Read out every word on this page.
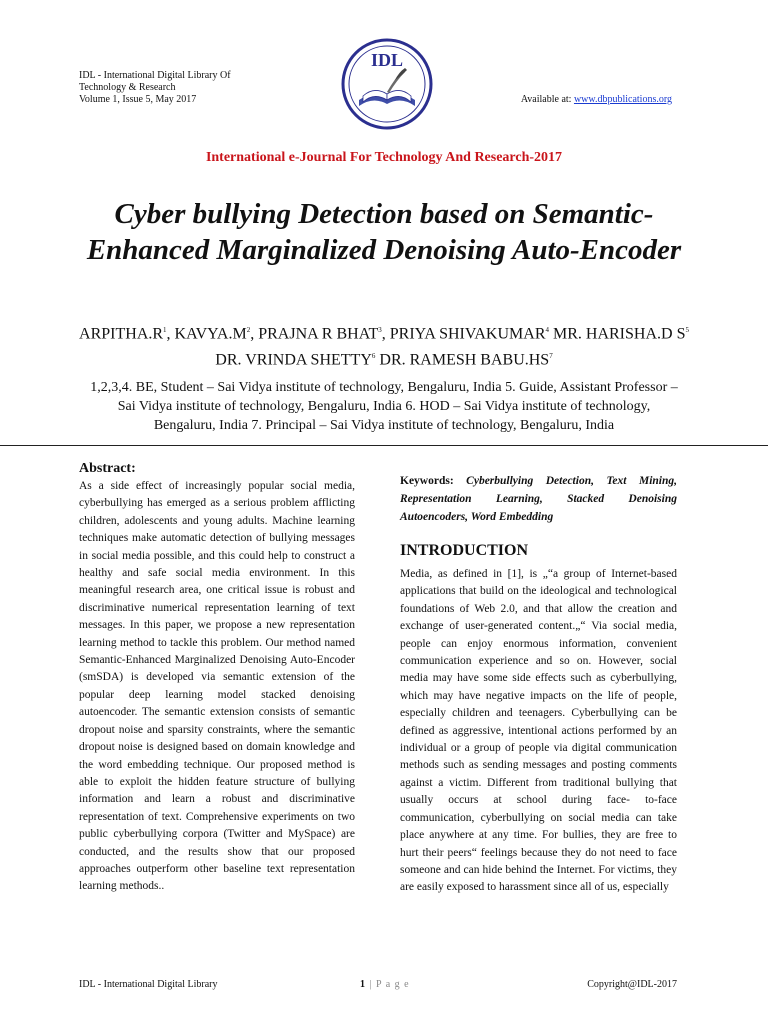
IDL - International Digital Library Of
Technology & Research
Volume 1, Issue 5, May 2017
IDL
Available at: www.dbpublications.org
International e-Journal For Technology And Research-2017
Cyber bullying Detection based on Semantic-Enhanced Marginalized Denoising Auto-Encoder
$ARPITHA.R^1$, $KAVYA.M^2$, PRAJNA R BHAT$^3$, PRIYA SHIVAKUMAR$^4$ MR. HARISHA.D $S^5$ DR. VRINDA SHETTY$^6$ DR. RAMESH $BABU.HS^7$
1,2,3,4. BE, Student – Sai Vidya institute of technology, Bengaluru, India 5. Guide, Assistant Professor – Sai Vidya institute of technology, Bengaluru, India 6. HOD – Sai Vidya institute of technology, Bengaluru, India 7. Principal – Sai Vidya institute of technology, Bengaluru, India
Abstract:
As a side effect of increasingly popular social media, cyberbullying has emerged as a serious problem afflicting children, adolescents and young adults. Machine learning techniques make automatic detection of bullying messages in social media possible, and this could help to construct a healthy and safe social media environment. In this meaningful research area, one critical issue is robust and discriminative numerical representation learning of text messages. In this paper, we propose a new representation learning method to tackle this problem. Our method named Semantic-Enhanced Marginalized Denoising Auto-Encoder (smSDA) is developed via semantic extension of the popular deep learning model stacked denoising autoencoder. The semantic extension consists of semantic dropout noise and sparsity constraints, where the semantic dropout noise is designed based on domain knowledge and the word embedding technique. Our proposed method is able to exploit the hidden feature structure of bullying information and learn a robust and discriminative representation of text. Comprehensive experiments on two public cyberbullying corpora (Twitter and MySpace) are conducted, and the results show that our proposed approaches outperform other baseline text representation learning methods..
Keywords: Cyberbullying Detection, Text Mining, Representation Learning, Stacked Denoising Autoencoders, Word Embedding
INTRODUCTION
Media, as defined in [1], is „“a group of Internet-based applications that build on the ideological and technological foundations of Web 2.0, and that allow the creation and exchange of user-generated content.„“ Via social media, people can enjoy enormous information, convenient communication experience and so on. However, social media may have some side effects such as cyberbullying, which may have negative impacts on the life of people, especially children and teenagers. Cyberbullying can be defined as aggressive, intentional actions performed by an individual or a group of people via digital communication methods such as sending messages and posting comments against a victim. Different from traditional bullying that usually occurs at school during face- to-face communication, cyberbullying on social media can take place anywhere at any time. For bullies, they are free to hurt their peers“ feelings because they do not need to face someone and can hide behind the Internet. For victims, they are easily exposed to harassment since all of us, especially
IDL - International Digital Library	1 | P a g e	Copyright@IDL-2017
